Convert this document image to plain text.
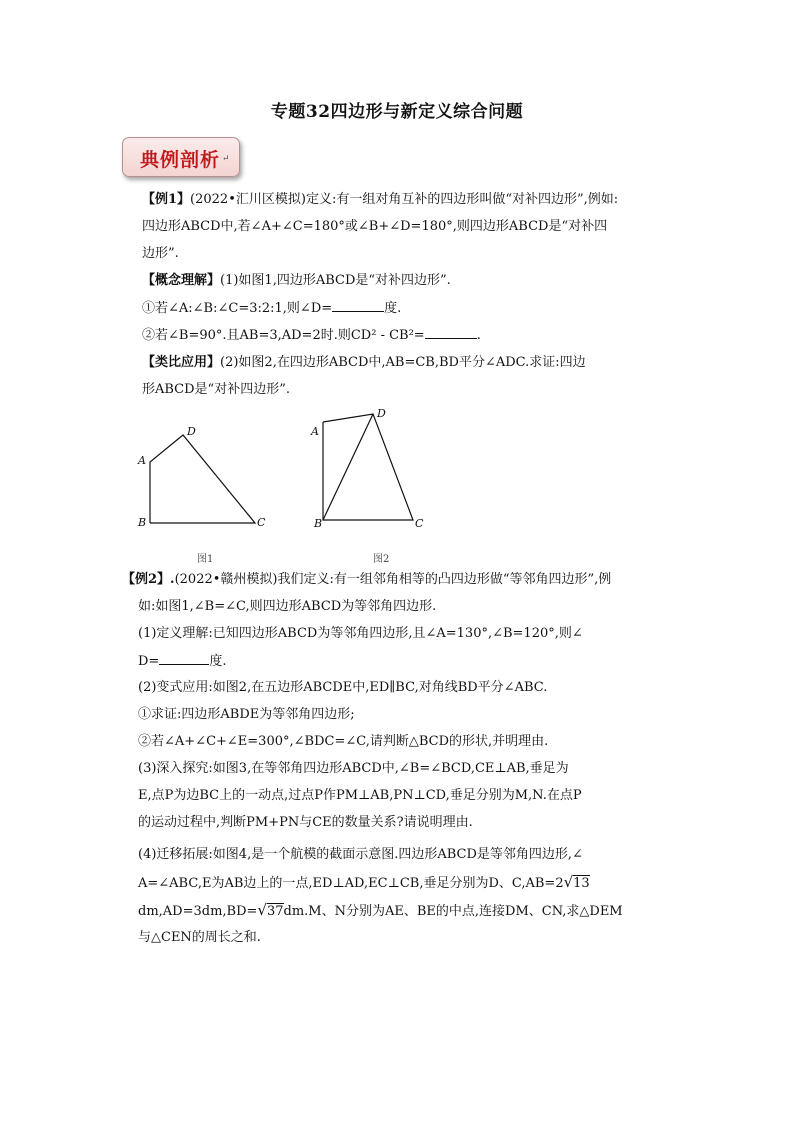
专题32四边形与新定义综合问题
典例剖析 ↵
【例1】(2022•汇川区模拟)定义:有一组对角互补的四边形叫做“对补四边形”,例如:
四边形ABCD中,若∠A+∠C=180°或∠B+∠D=180°,则四边形ABCD是“对补四
边形”.
【概念理解】(1)如图1,四边形ABCD是“对补四边形”.
①若∠A:∠B:∠C=3:2:1,则∠D=	度.
②若∠B=90°.且AB=3,AD=2时.则CD² - CB²=	.
【类比应用】(2)如图2,在四边形ABCD中,AB=CB,BD平分∠ADC.求证:四边
形ABCD是“对补四边形”.
A
B	C
D
图1
A
B	C
D
图2
【例2】.(2022•赣州模拟)我们定义:有一组邻角相等的凸四边形做“等邻角四边形”,例
如:如图1,∠B=∠C,则四边形ABCD为等邻角四边形.
(1)定义理解:已知四边形ABCD为等邻角四边形,且∠A=130°,∠B=120°,则∠
D=	度.
(2)变式应用:如图2,在五边形ABCDE中,ED∥BC,对角线BD平分∠ABC.
①求证:四边形ABDE为等邻角四边形;
②若∠A+∠C+∠E=300°,∠BDC=∠C,请判断△BCD的形状,并明理由.
(3)深入探究:如图3,在等邻角四边形ABCD中,∠B=∠BCD,CE⊥AB,垂足为
E,点P为边BC上的一动点,过点P作PM⊥AB,PN⊥CD,垂足分别为M,N.在点P
的运动过程中,判断PM+PN与CE的数量关系?请说明理由.
(4)迁移拓展:如图4,是一个航模的截面示意图.四边形ABCD是等邻角四边形,∠
A=∠ABC,E为AB边上的一点,ED⊥AD,EC⊥CB,垂足分别为D、C,AB=2√13
dm,AD=3dm,BD=√37dm.M、N分别为AE、BE的中点,连接DM、CN,求△DEM
与△CEN的周长之和.
